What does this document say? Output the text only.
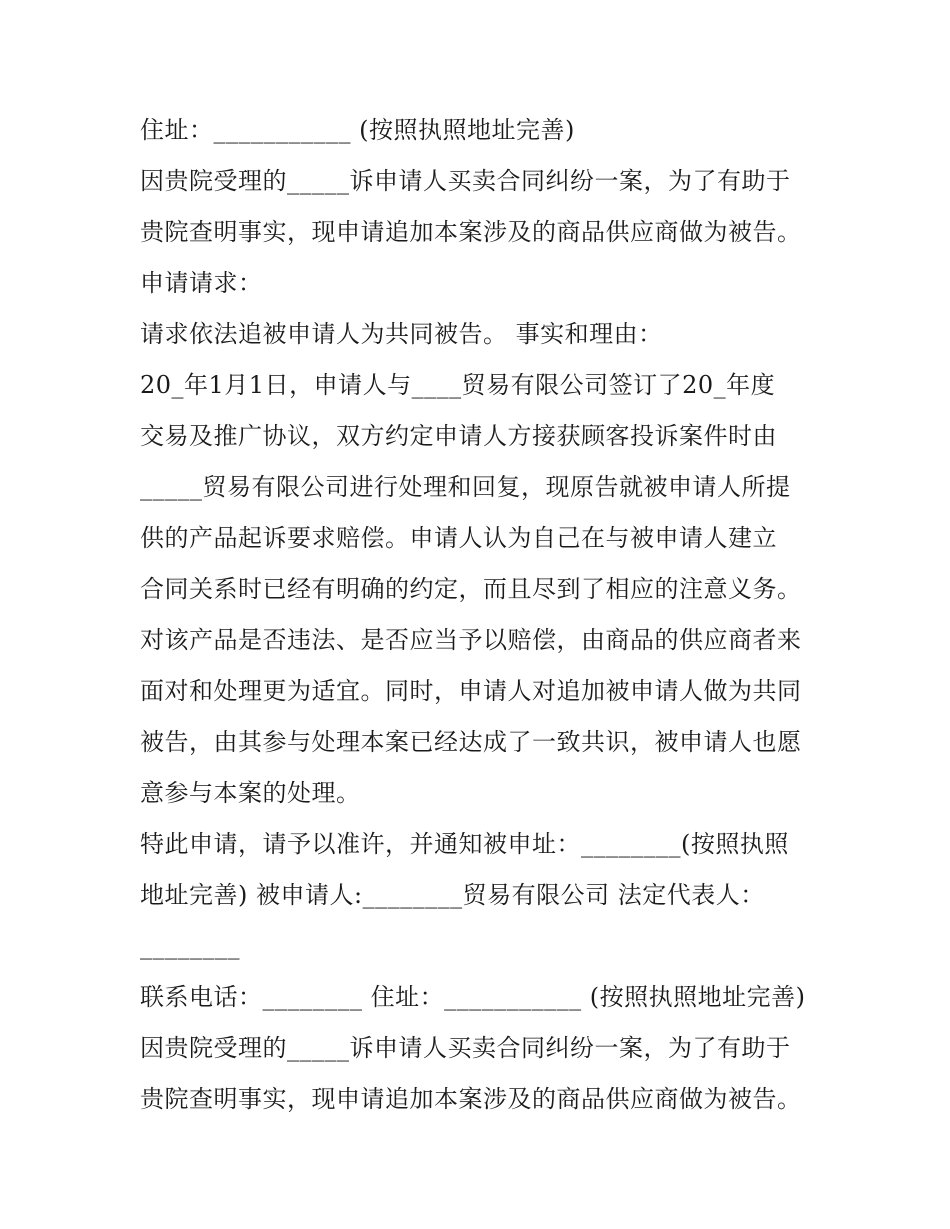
住址：___________ (按照执照地址完善)
因贵院受理的_____诉申请人买卖合同纠纷一案，为了有助于
贵院查明事实，现申请追加本案涉及的商品供应商做为被告。
申请请求：
请求依法追被申请人为共同被告。 事实和理由：
20_年1月1日，申请人与____贸易有限公司签订了20_年度
交易及推广协议，双方约定申请人方接获顾客投诉案件时由
_____贸易有限公司进行处理和回复，现原告就被申请人所提
供的产品起诉要求赔偿。申请人认为自己在与被申请人建立
合同关系时已经有明确的约定，而且尽到了相应的注意义务。
对该产品是否违法、是否应当予以赔偿，由商品的供应商者来
面对和处理更为适宜。同时，申请人对追加被申请人做为共同
被告，由其参与处理本案已经达成了一致共识，被申请人也愿
意参与本案的处理。
特此申请，请予以准许，并通知被申址：________(按照执照
地址完善) 被申请人:________贸易有限公司 法定代表人：
________
联系电话：________ 住址：___________ (按照执照地址完善)
因贵院受理的_____诉申请人买卖合同纠纷一案，为了有助于
贵院查明事实，现申请追加本案涉及的商品供应商做为被告。
